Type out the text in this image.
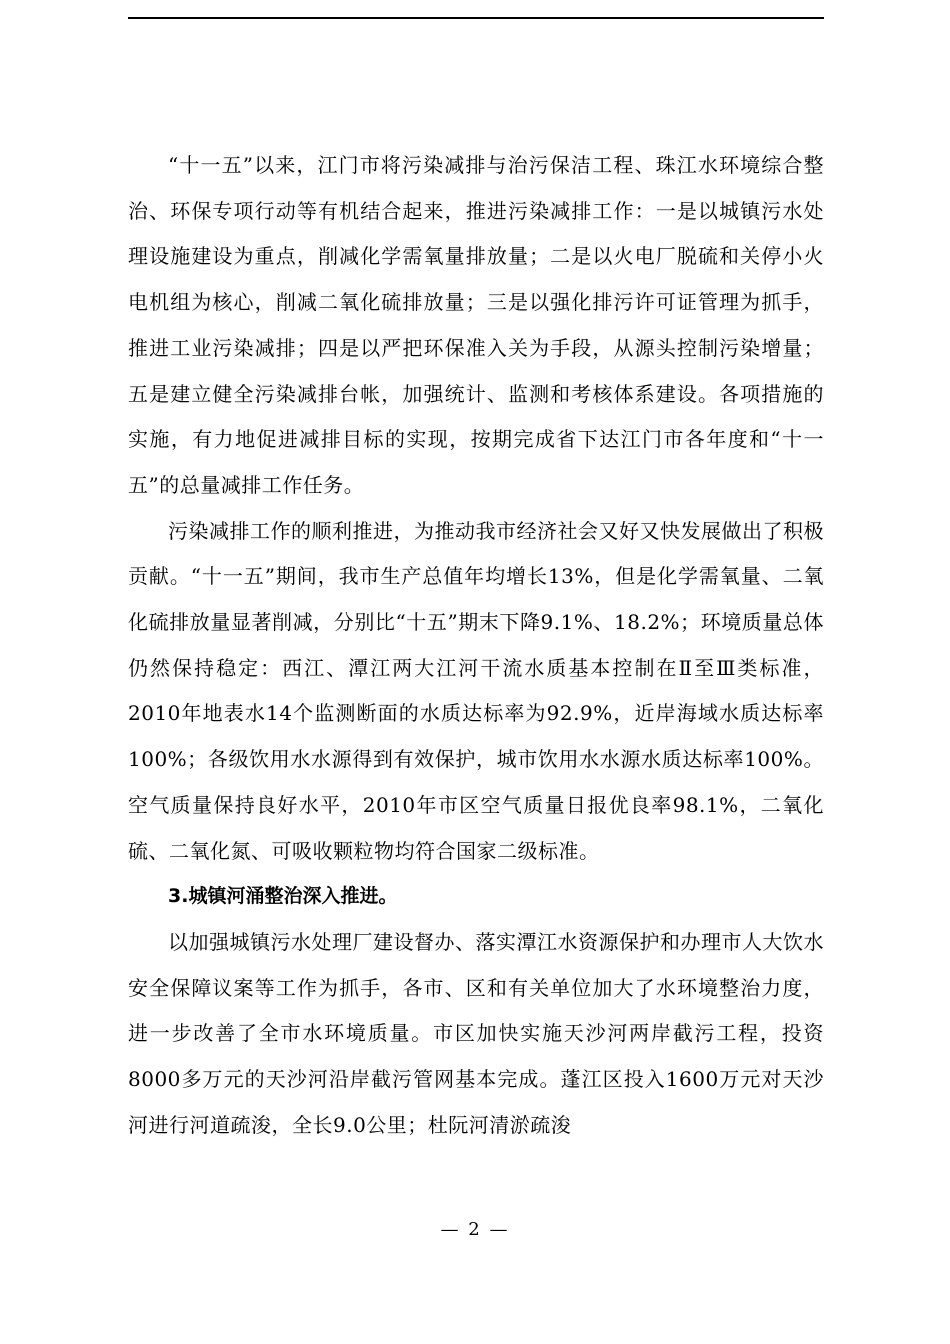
“十一五”以来，江门市将污染减排与治污保洁工程、珠江水环境综合整治、环保专项行动等有机结合起来，推进污染减排工作：一是以城镇污水处理设施建设为重点，削减化学需氧量排放量；二是以火电厂脱硫和关停小火电机组为核心，削减二氧化硫排放量；三是以强化排污许可证管理为抓手，推进工业污染减排；四是以严把环保准入关为手段，从源头控制污染增量；五是建立健全污染减排台帐，加强统计、监测和考核体系建设。各项措施的实施，有力地促进减排目标的实现，按期完成省下达江门市各年度和“十一五”的总量减排工作任务。

污染减排工作的顺利推进，为推动我市经济社会又好又快发展做出了积极贡献。“十一五”期间，我市生产总值年均增长13%，但是化学需氧量、二氧化硫排放量显著削减，分别比“十五”期末下降9.1%、18.2%；环境质量总体仍然保持稳定：西江、潭江两大江河干流水质基本控制在Ⅱ至Ⅲ类标准，2010年地表水14个监测断面的水质达标率为92.9%，近岸海域水质达标率100%；各级饮用水水源得到有效保护，城市饮用水水源水质达标率100%。空气质量保持良好水平，2010年市区空气质量日报优良率98.1%，二氧化硫、二氧化氮、可吸收颗粒物均符合国家二级标准。

3.城镇河涌整治深入推进。

以加强城镇污水处理厂建设督办、落实潭江水资源保护和办理市人大饮水安全保障议案等工作为抓手，各市、区和有关单位加大了水环境整治力度，进一步改善了全市水环境质量。市区加快实施天沙河两岸截污工程，投资8000多万元的天沙河沿岸截污管网基本完成。蓬江区投入1600万元对天沙河进行河道疏浚，全长9.0公里；杜阮河清淤疏浚

— 2 —
